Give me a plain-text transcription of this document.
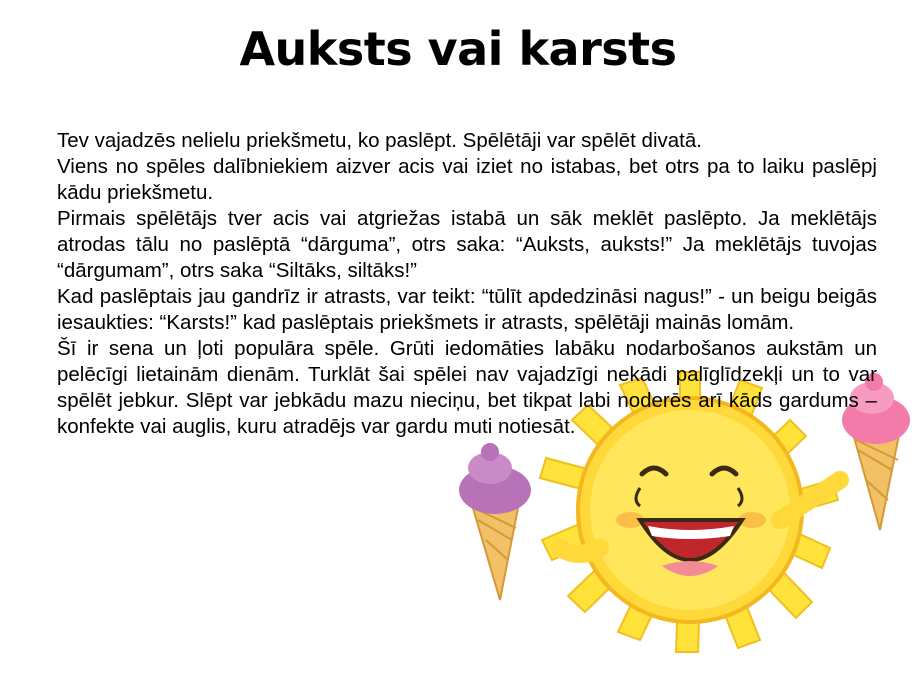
Auksts vai karsts

Tev vajadzēs nelielu priekšmetu, ko paslēpt. Spēlētāji var spēlēt divatā.

Viens no spēles dalībniekiem aizver acis vai iziet no istabas, bet otrs pa to laiku paslēpj kādu priekšmetu.

Pirmais spēlētājs tver acis vai atgriežas istabā un sāk meklēt paslēpto. Ja meklētājs atrodas tālu no paslēptā “dārguma”, otrs saka: “Auksts, auksts!” Ja meklētājs tuvojas “dārgumam”, otrs saka “Siltāks, siltāks!”

Kad paslēptais jau gandrīz ir atrasts, var teikt: “tūlīt apdedzināsi nagus!” - un beigu beigās iesaukties: “Karsts!” kad paslēptais priekšmets ir atrasts, spēlētāji mainās lomām.

Šī ir sena un ļoti populāra spēle. Grūti iedomāties labāku nodarbošanos aukstām un pelēcīgi lietainām dienām. Turklāt šai spēlei nav vajadzīgi nekādi palīglīdzekļi un to var spēlēt jebkur. Slēpt var jebkādu mazu nieciņu, bet tikpat labi noderēs arī kāds gardums – konfekte vai auglis, kuru atradējs var gardu muti notiesāt.
